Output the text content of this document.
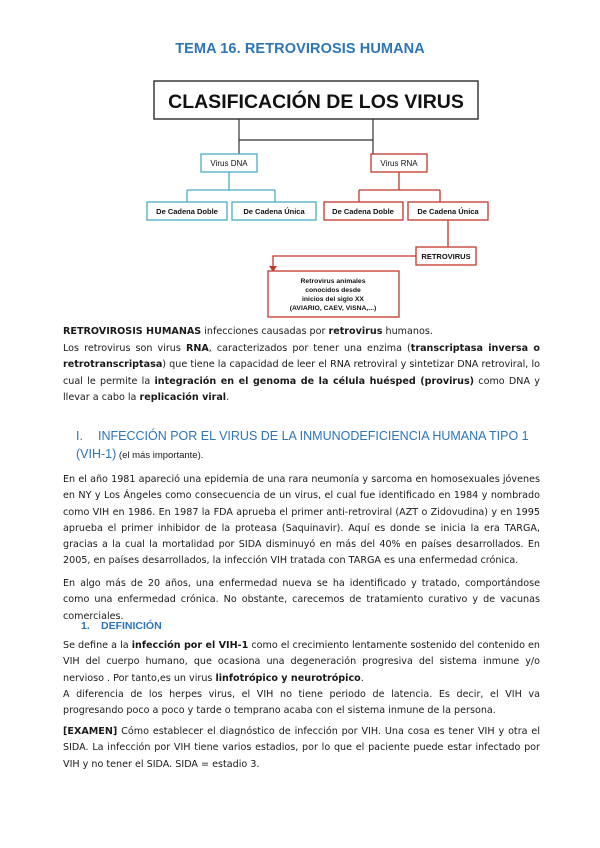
TEMA 16. RETROVIROSIS HUMANA
CLASIFICACIÓN DE LOS VIRUS
Virus DNA	Virus RNA
De Cadena Doble	De Cadena Única	De Cadena Doble	De Cadena Única
RETROVIRUS
Retrovirus animales
conocidos desde
inicios del siglo XX
(AVIARIO, CAEV, VISNA,...)

RETROVIROSIS HUMANAS infecciones causadas por retrovirus humanos.

Los retrovirus son virus RNA, caracterizados por tener una enzima (transcriptasa inversa o retrotranscriptasa) que tiene la capacidad de leer el RNA retroviral y sintetizar DNA retroviral, lo cual le permite la integración en el genoma de la célula huésped (provirus) como DNA y llevar a cabo la replicación viral.

I. INFECCIÓN POR EL VIRUS DE LA INMUNODEFICIENCIA HUMANA TIPO 1 (VIH-1) (el más importante).

En el año 1981 apareció una epidemia de una rara neumonía y sarcoma en homosexuales jóvenes en NY y Los Ángeles como consecuencia de un virus, el cual fue identificado en 1984 y nombrado como VIH en 1986. En 1987 la FDA aprueba el primer anti-retroviral (AZT o Zidovudina) y en 1995 aprueba el primer inhibidor de la proteasa (Saquinavir). Aquí es donde se inicia la era TARGA, gracias a la cual la mortalidad por SIDA disminuyó en más del 40% en países desarrollados. En 2005, en países desarrollados, la infección VIH tratada con TARGA es una enfermedad crónica.

En algo más de 20 años, una enfermedad nueva se ha identificado y tratado, comportándose como una enfermedad crónica. No obstante, carecemos de tratamiento curativo y de vacunas comerciales.

1. DEFINICIÓN

Se define a la infección por el VIH-1 como el crecimiento lentamente sostenido del contenido en VIH del cuerpo humano, que ocasiona una degeneración progresiva del sistema inmune y/o nervioso . Por tanto,es un virus linfotrópico y neurotrópico.

A diferencia de los herpes virus, el VIH no tiene periodo de latencia. Es decir, el VIH va progresando poco a poco y tarde o temprano acaba con el sistema inmune de la persona.

[EXAMEN] Cómo establecer el diagnóstico de infección por VIH. Una cosa es tener VIH y otra el SIDA. La infección por VIH tiene varios estadios, por lo que el paciente puede estar infectado por VIH y no tener el SIDA. SIDA = estadio 3.
